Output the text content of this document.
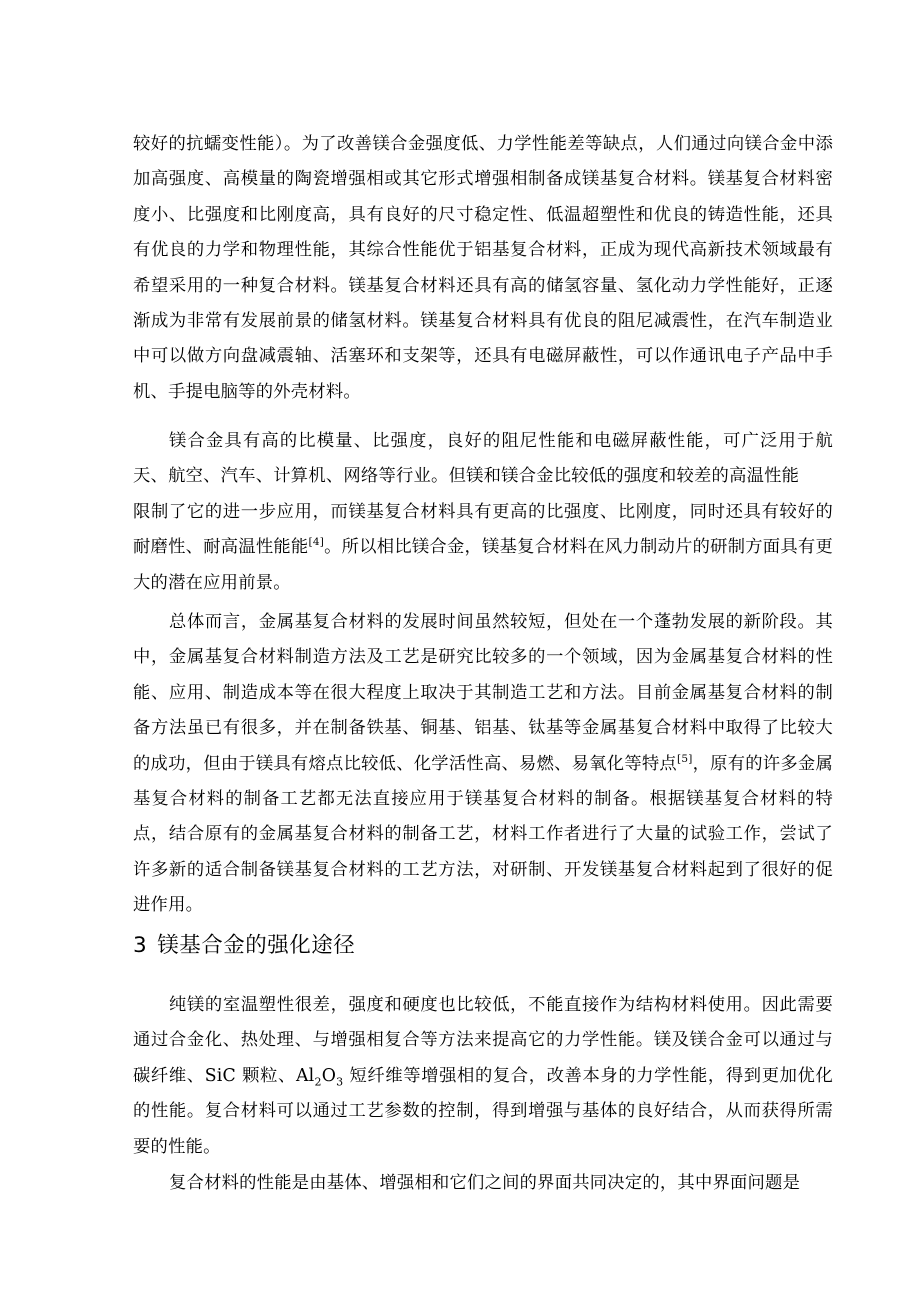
较好的抗蠕变性能）。为了改善镁合金强度低、力学性能差等缺点，人们通过向镁合金中添加高强度、高模量的陶瓷增强相或其它形式增强相制备成镁基复合材料。镁基复合材料密度小、比强度和比刚度高，具有良好的尺寸稳定性、低温超塑性和优良的铸造性能，还具有优良的力学和物理性能，其综合性能优于铝基复合材料，正成为现代高新技术领域最有希望采用的一种复合材料。镁基复合材料还具有高的储氢容量、氢化动力学性能好，正逐渐成为非常有发展前景的储氢材料。镁基复合材料具有优良的阻尼减震性，在汽车制造业中可以做方向盘减震轴、活塞环和支架等，还具有电磁屏蔽性，可以作通讯电子产品中手机、手提电脑等的外壳材料。

镁合金具有高的比模量、比强度，良好的阻尼性能和电磁屏蔽性能，可广泛用于航天、航空、汽车、计算机、网络等行业。但镁和镁合金比较低的强度和较差的高温性能
限制了它的进一步应用，而镁基复合材料具有更高的比强度、比刚度，同时还具有较好的耐磨性、耐高温性能能[4]。所以相比镁合金，镁基复合材料在风力制动片的研制方面具有更大的潜在应用前景。

总体而言，金属基复合材料的发展时间虽然较短，但处在一个蓬勃发展的新阶段。其中，金属基复合材料制造方法及工艺是研究比较多的一个领域，因为金属基复合材料的性能、应用、制造成本等在很大程度上取决于其制造工艺和方法。目前金属基复合材料的制备方法虽已有很多，并在制备铁基、铜基、铝基、钛基等金属基复合材料中取得了比较大的成功，但由于镁具有熔点比较低、化学活性高、易燃、易氧化等特点[5]，原有的许多金属基复合材料的制备工艺都无法直接应用于镁基复合材料的制备。根据镁基复合材料的特点，结合原有的金属基复合材料的制备工艺，材料工作者进行了大量的试验工作，尝试了许多新的适合制备镁基复合材料的工艺方法，对研制、开发镁基复合材料起到了很好的促进作用。

3 镁基合金的强化途径

纯镁的室温塑性很差，强度和硬度也比较低，不能直接作为结构材料使用。因此需要通过合金化、热处理、与增强相复合等方法来提高它的力学性能。镁及镁合金可以通过与碳纤维、SiC 颗粒、$Al_2O_3$ 短纤维等增强相的复合，改善本身的力学性能，得到更加优化的性能。复合材料可以通过工艺参数的控制，得到增强与基体的良好结合，从而获得所需要的性能。

复合材料的性能是由基体、增强相和它们之间的界面共同决定的，其中界面问题是
